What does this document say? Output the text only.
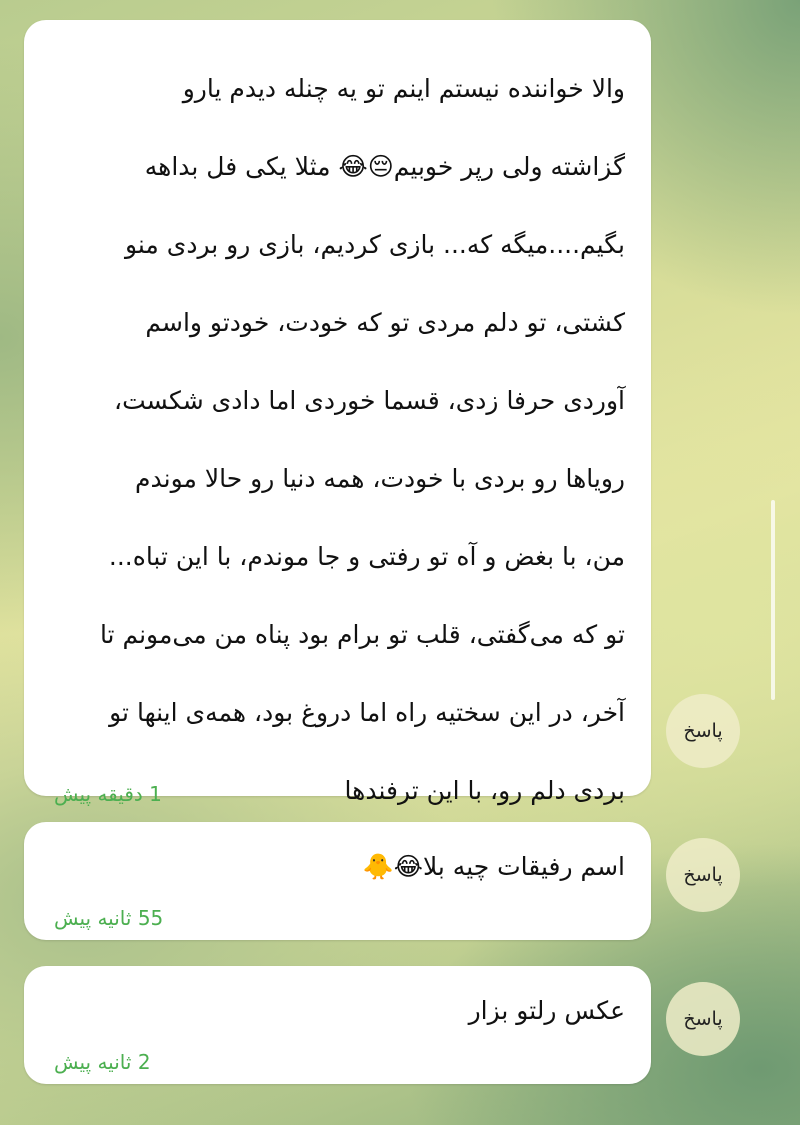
والا خواننده نیستم اینم تو یه چنله دیدم یارو
گزاشته ولی رپر خوبیم😔😂 مثلا یکی فل بداهه
بگیم....میگه که... بازی کردیم، بازی رو بردی منو
کشتی، تو دلم مردی تو که خودت، خودتو واسم
آوردی حرفا زدی، قسما خوردی اما دادی شکست،
رویاها رو بردی با خودت، همه دنیا رو حالا موندم
من، با بغض و آه تو رفتی و جا موندم، با این تباه...
تو که می‌گفتی، قلب تو برام بود پناه من می‌مونم تا
آخر، در این سختیه راه اما دروغ بود، همه‌ی اینها تو
بردی دلم رو، با این ترفندها
1 دقیقه پیش
پاسخ
اسم رفیقات چیه بلا😂🐥
55 ثانیه پیش
پاسخ
عکس رلتو بزار
2 ثانیه پیش
پاسخ
